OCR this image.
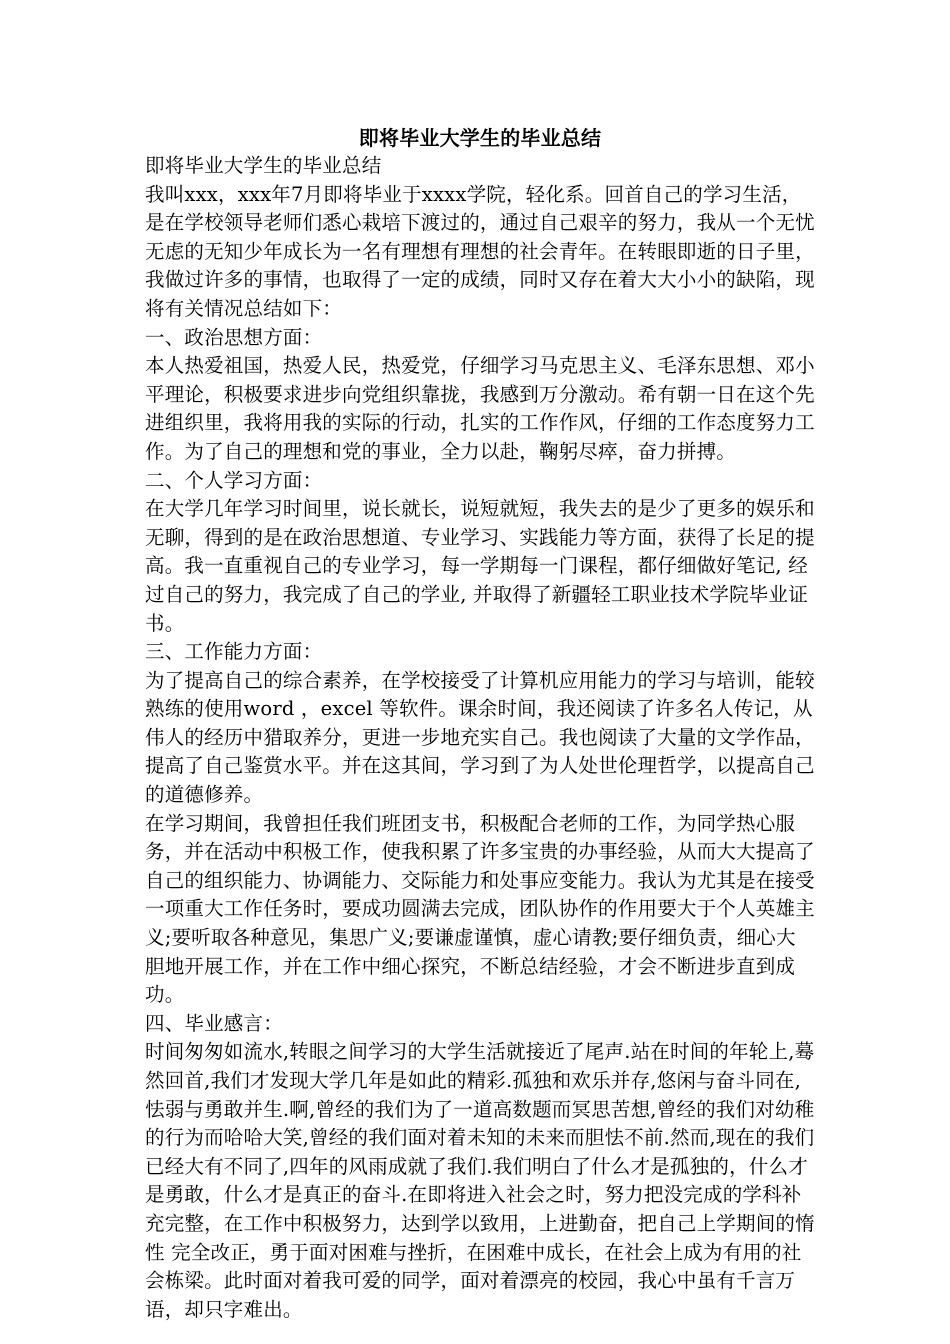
即将毕业大学生的毕业总结

即将毕业大学生的毕业总结

我叫xxx，xxx年7月即将毕业于xxxx学院，轻化系。回首自己的学习生活，是在学校领导老师们悉心栽培下渡过的，通过自己艰辛的努力，我从一个无忧无虑的无知少年成长为一名有理想有理想的社会青年。在转眼即逝的日子里，我做过许多的事情，也取得了一定的成绩，同时又存在着大大小小的缺陷，现将有关情况总结如下：

一、政治思想方面：

本人热爱祖国，热爱人民，热爱党，仔细学习马克思主义、毛泽东思想、邓小平理论，积极要求进步向党组织靠拢，我感到万分激动。希有朝一日在这个先进组织里，我将用我的实际的行动，扎实的工作作风，仔细的工作态度努力工作。为了自己的理想和党的事业，全力以赴，鞠躬尽瘁，奋力拼搏。

二、个人学习方面：

在大学几年学习时间里，说长就长，说短就短，我失去的是少了更多的娱乐和无聊，得到的是在政治思想道、专业学习、实践能力等方面，获得了长足的提高。我一直重视自己的专业学习，每一学期每一门课程，都仔细做好笔记, 经过自己的努力，我完成了自己的学业, 并取得了新疆轻工职业技术学院毕业证书。

三、工作能力方面：

为了提高自己的综合素养，在学校接受了计算机应用能力的学习与培训，能较熟练的使用word ，excel 等软件。课余时间，我还阅读了许多名人传记，从伟人的经历中猎取养分，更进一步地充实自己。我也阅读了大量的文学作品，提高了自己鉴赏水平。并在这其间，学习到了为人处世伦理哲学，以提高自己的道德修养。

在学习期间，我曾担任我们班团支书，积极配合老师的工作，为同学热心服务，并在活动中积极工作，使我积累了许多宝贵的办事经验，从而大大提高了自己的组织能力、协调能力、交际能力和处事应变能力。我认为尤其是在接受一项重大工作任务时，要成功圆满去完成，团队协作的作用要大于个人英雄主义;要听取各种意见，集思广义;要谦虚谨慎，虚心请教;要仔细负责，细心大胆地开展工作，并在工作中细心探究，不断总结经验，才会不断进步直到成功。

四、毕业感言：

时间匆匆如流水,转眼之间学习的大学生活就接近了尾声.站在时间的年轮上,蓦然回首,我们才发现大学几年是如此的精彩.孤独和欢乐并存,悠闲与奋斗同在,怯弱与勇敢并生.啊,曾经的我们为了一道高数题而冥思苦想,曾经的我们对幼稚的行为而哈哈大笑,曾经的我们面对着未知的未来而胆怯不前.然而,现在的我们已经大有不同了,四年的风雨成就了我们.我们明白了什么才是孤独的，什么才是勇敢，什么才是真正的奋斗.在即将进入社会之时，努力把没完成的学科补充完整，在工作中积极努力，达到学以致用，上进勤奋，把自己上学期间的惰性 完全改正，勇于面对困难与挫折，在困难中成长，在社会上成为有用的社会栋梁。此时面对着我可爱的同学，面对着漂亮的校园，我心中虽有千言万语，却只字难出。
